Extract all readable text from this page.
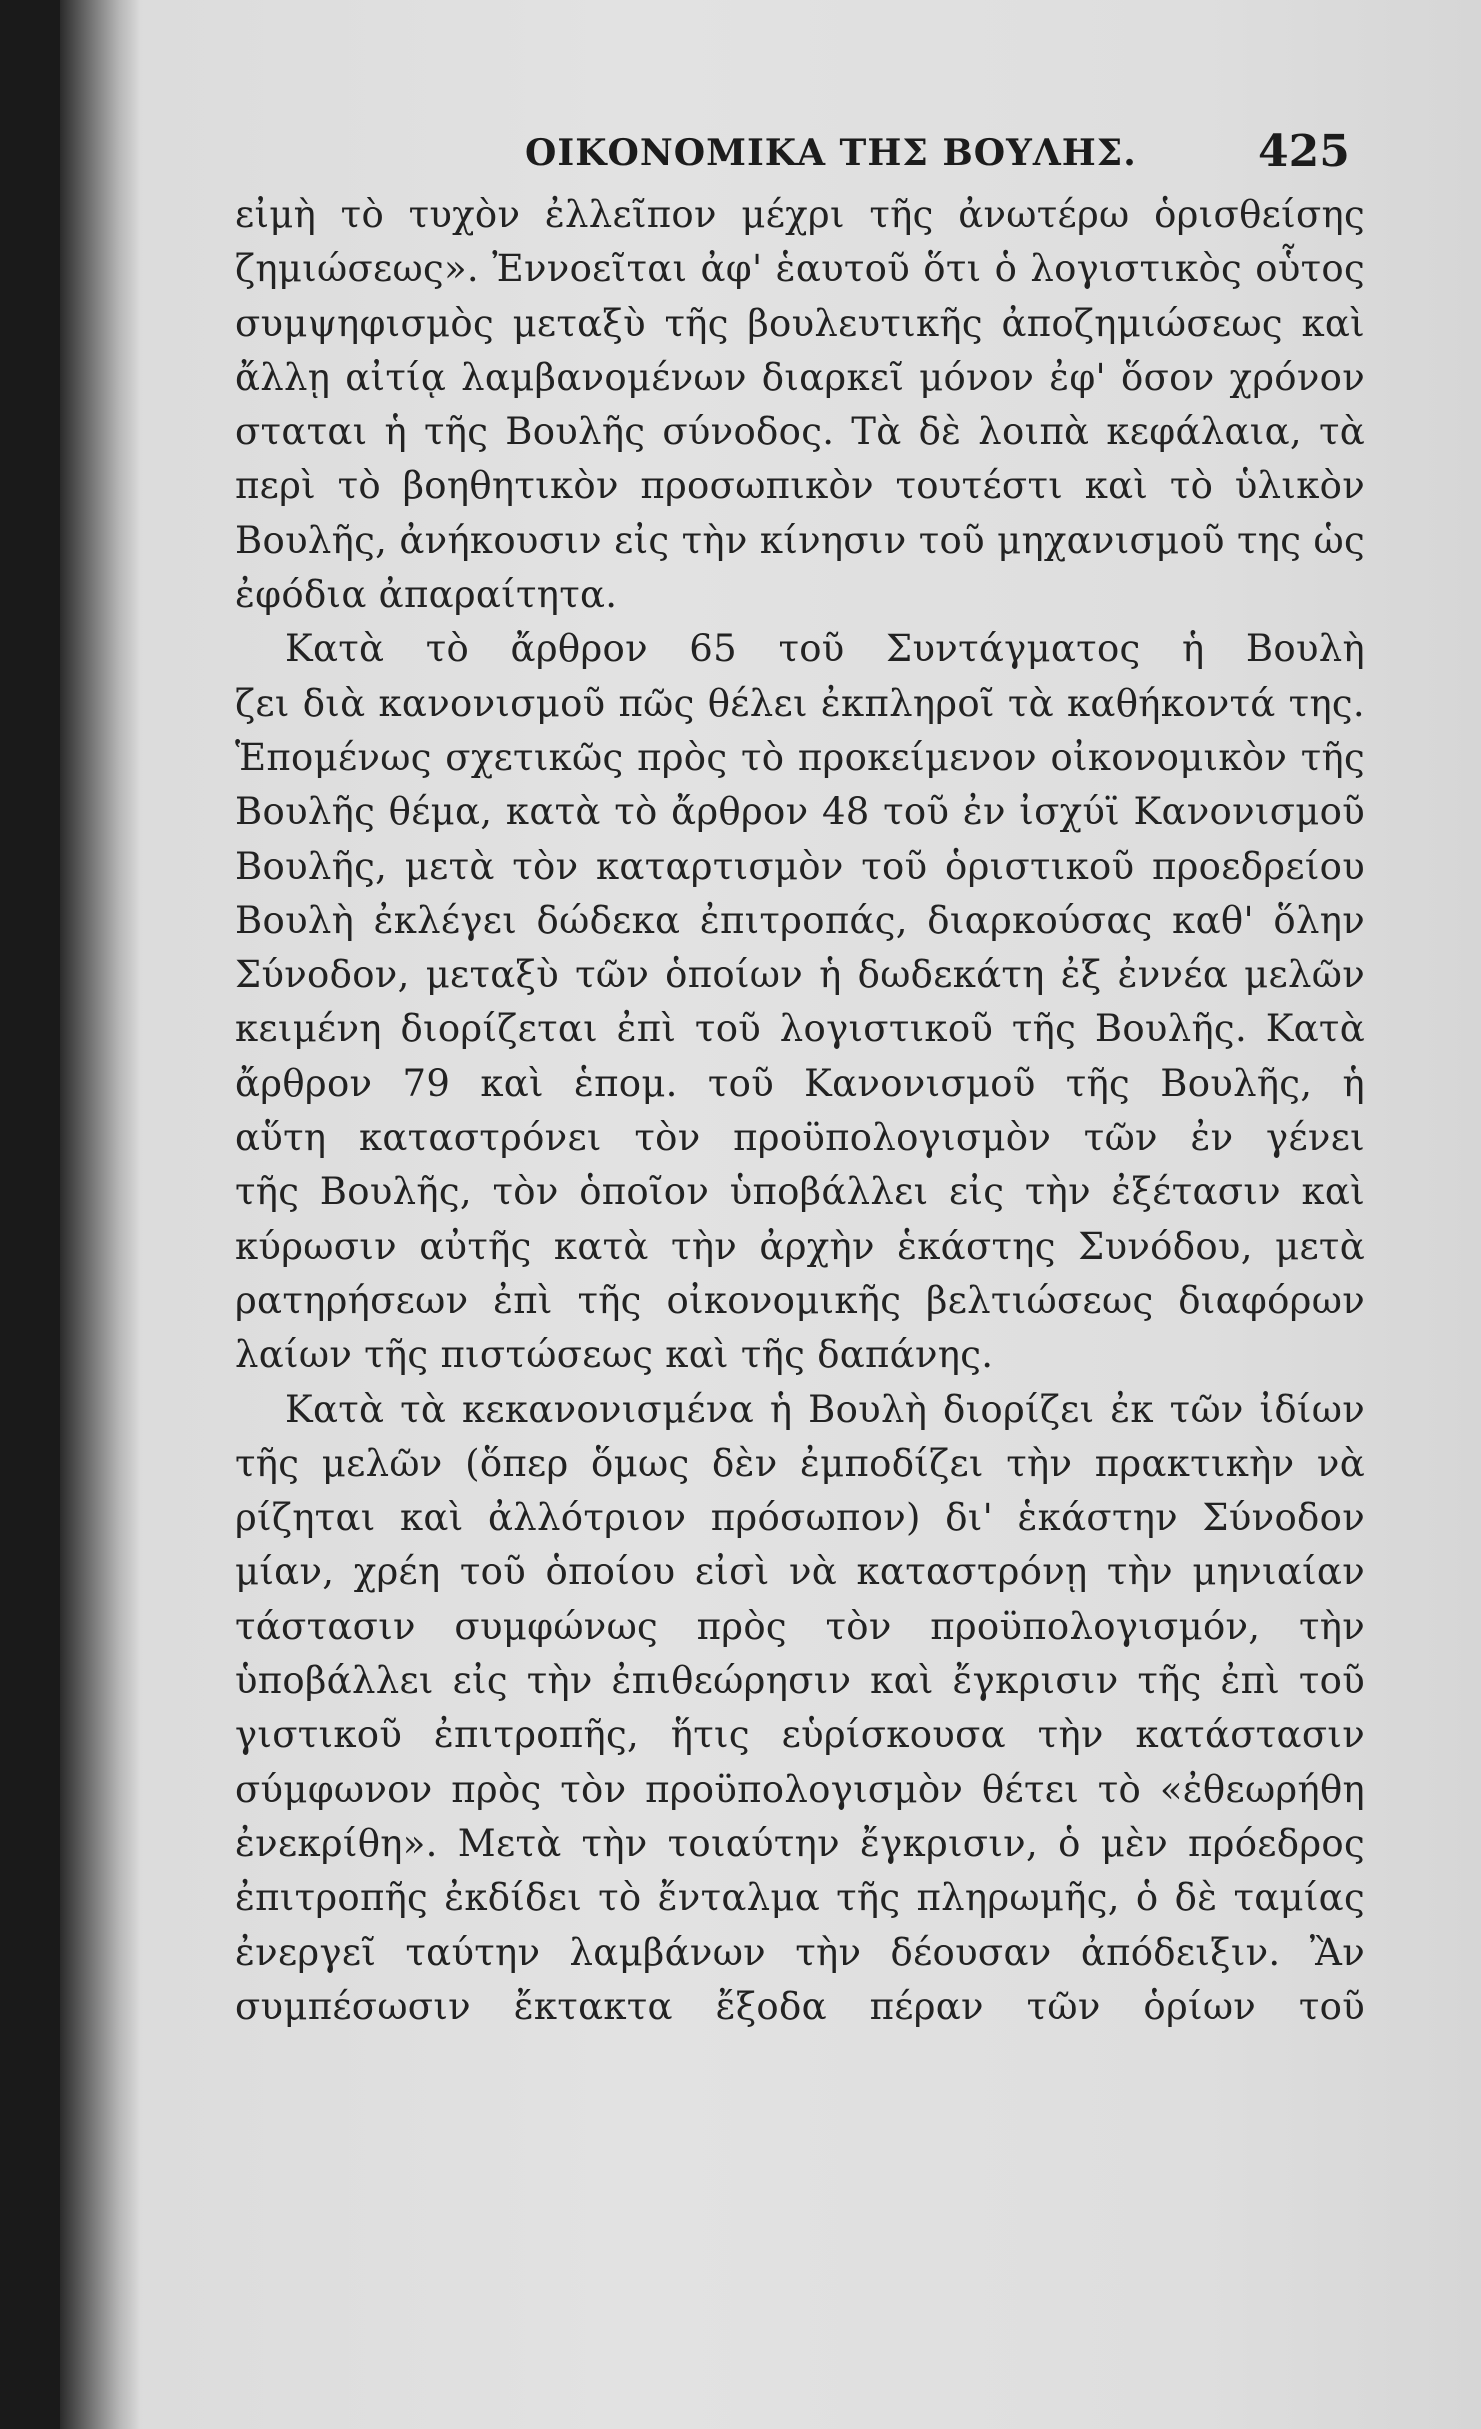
ΟΙΚΟΝΟΜΙΚΑ ΤΗΣ ΒΟΥΛΗΣ.	425
εἰμὴ τὸ τυχὸν ἐλλεῖπον μέχρι τῆς ἀνωτέρω ὁρισθείσης
ζημιώσεως». Ἐννοεῖται ἀφ' ἑαυτοῦ ὅτι ὁ λογιστικὸς οὗτος
συμψηφισμὸς μεταξὺ τῆς βουλευτικῆς ἀποζημιώσεως καὶ
ἄλλῃ αἰτίᾳ λαμβανομένων διαρκεῖ μόνον ἐφ' ὅσον χρόνον
σταται ἡ τῆς Βουλῆς σύνοδος. Τὰ δὲ λοιπὰ κεφάλαια, τὰ
περὶ τὸ βοηθητικὸν προσωπικὸν τουτέστι καὶ τὸ ὑλικὸν
Βουλῆς, ἀνήκουσιν εἰς τὴν κίνησιν τοῦ μηχανισμοῦ της ὡς
ἐφόδια ἀπαραίτητα.
Κατὰ τὸ ἄρθρον 65 τοῦ Συντάγματος ἡ Βουλὴ
ζει διὰ κανονισμοῦ πῶς θέλει ἐκπληροῖ τὰ καθήκοντά της.
Ἑπομένως σχετικῶς πρὸς τὸ προκείμενον οἰκονομικὸν τῆς
Βουλῆς θέμα, κατὰ τὸ ἄρθρον 48 τοῦ ἐν ἰσχύϊ Κανονισμοῦ
Βουλῆς, μετὰ τὸν καταρτισμὸν τοῦ ὁριστικοῦ προεδρείου
Βουλὴ ἐκλέγει δώδεκα ἐπιτροπάς, διαρκούσας καθ' ὅλην
Σύνοδον, μεταξὺ τῶν ὁποίων ἡ δωδεκάτη ἐξ ἐννέα μελῶν
κειμένη διορίζεται ἐπὶ τοῦ λογιστικοῦ τῆς Βουλῆς. Κατὰ
ἄρθρον 79 καὶ ἑπομ. τοῦ Κανονισμοῦ τῆς Βουλῆς, ἡ
αὕτη καταστρόνει τὸν προϋπολογισμὸν τῶν ἐν γένει
τῆς Βουλῆς, τὸν ὁποῖον ὑποβάλλει εἰς τὴν ἐξέτασιν καὶ
κύρωσιν αὐτῆς κατὰ τὴν ἀρχὴν ἑκάστης Συνόδου, μετὰ
ρατηρήσεων ἐπὶ τῆς οἰκονομικῆς βελτιώσεως διαφόρων
λαίων τῆς πιστώσεως καὶ τῆς δαπάνης.
Κατὰ τὰ κεκανονισμένα ἡ Βουλὴ διορίζει ἐκ τῶν ἰδίων
τῆς μελῶν (ὅπερ ὅμως δὲν ἐμποδίζει τὴν πρακτικὴν νὰ
ρίζηται καὶ ἀλλότριον πρόσωπον) δι' ἑκάστην Σύνοδον
μίαν, χρέη τοῦ ὁποίου εἰσὶ νὰ καταστρόνῃ τὴν μηνιαίαν
τάστασιν συμφώνως πρὸς τὸν προϋπολογισμόν, τὴν
ὑποβάλλει εἰς τὴν ἐπιθεώρησιν καὶ ἔγκρισιν τῆς ἐπὶ τοῦ
γιστικοῦ ἐπιτροπῆς, ἥτις εὑρίσκουσα τὴν κατάστασιν
σύμφωνον πρὸς τὸν προϋπολογισμὸν θέτει τὸ «ἐθεωρήθη
ἐνεκρίθη». Μετὰ τὴν τοιαύτην ἔγκρισιν, ὁ μὲν πρόεδρος
ἐπιτροπῆς ἐκδίδει τὸ ἔνταλμα τῆς πληρωμῆς, ὁ δὲ ταμίας
ἐνεργεῖ ταύτην λαμβάνων τὴν δέουσαν ἀπόδειξιν. Ἂν
συμπέσωσιν ἔκτακτα ἔξοδα πέραν τῶν ὁρίων τοῦ
